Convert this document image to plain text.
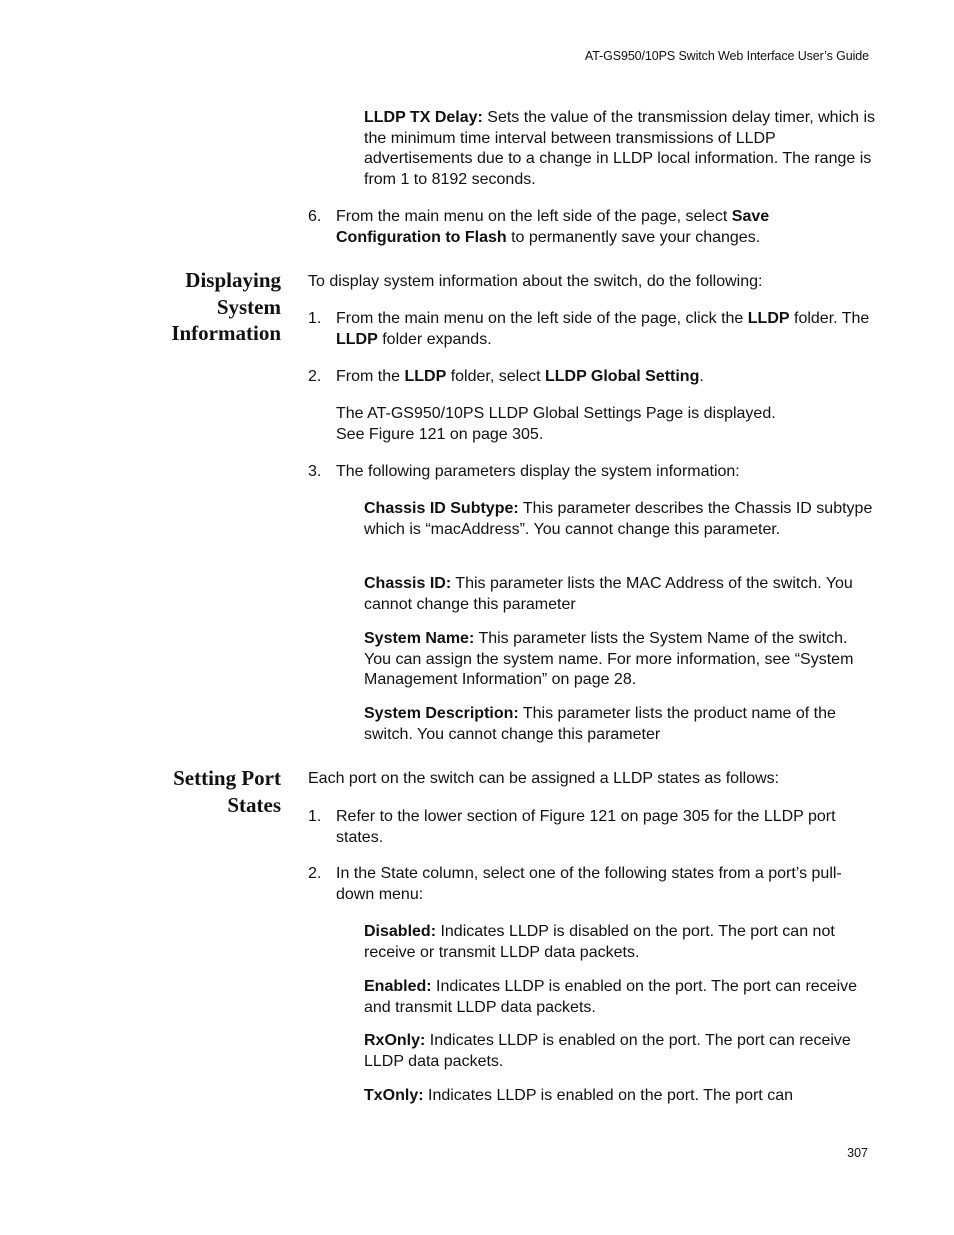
AT-GS950/10PS Switch Web Interface User’s Guide
LLDP TX Delay: Sets the value of the transmission delay timer, which is the minimum time interval between transmissions of LLDP advertisements due to a change in LLDP local information. The range is from 1 to 8192 seconds.
6. From the main menu on the left side of the page, select Save Configuration to Flash to permanently save your changes.
Displaying
System
Information
To display system information about the switch, do the following:
1. From the main menu on the left side of the page, click the LLDP folder. The LLDP folder expands.
2. From the LLDP folder, select LLDP Global Setting.
The AT-GS950/10PS LLDP Global Settings Page is displayed.
See Figure 121 on page 305.
3. The following parameters display the system information:
Chassis ID Subtype: This parameter describes the Chassis ID subtype which is “macAddress”. You cannot change this parameter.
Chassis ID: This parameter lists the MAC Address of the switch. You cannot change this parameter
System Name: This parameter lists the System Name of the switch. You can assign the system name. For more information, see “System Management Information” on page 28.
System Description: This parameter lists the product name of the switch. You cannot change this parameter
Setting Port
States
Each port on the switch can be assigned a LLDP states as follows:
1. Refer to the lower section of Figure 121 on page 305 for the LLDP port states.
2. In the State column, select one of the following states from a port’s pull-down menu:
Disabled: Indicates LLDP is disabled on the port. The port can not receive or transmit LLDP data packets.
Enabled: Indicates LLDP is enabled on the port. The port can receive and transmit LLDP data packets.
RxOnly: Indicates LLDP is enabled on the port. The port can receive LLDP data packets.
TxOnly: Indicates LLDP is enabled on the port. The port can
307
